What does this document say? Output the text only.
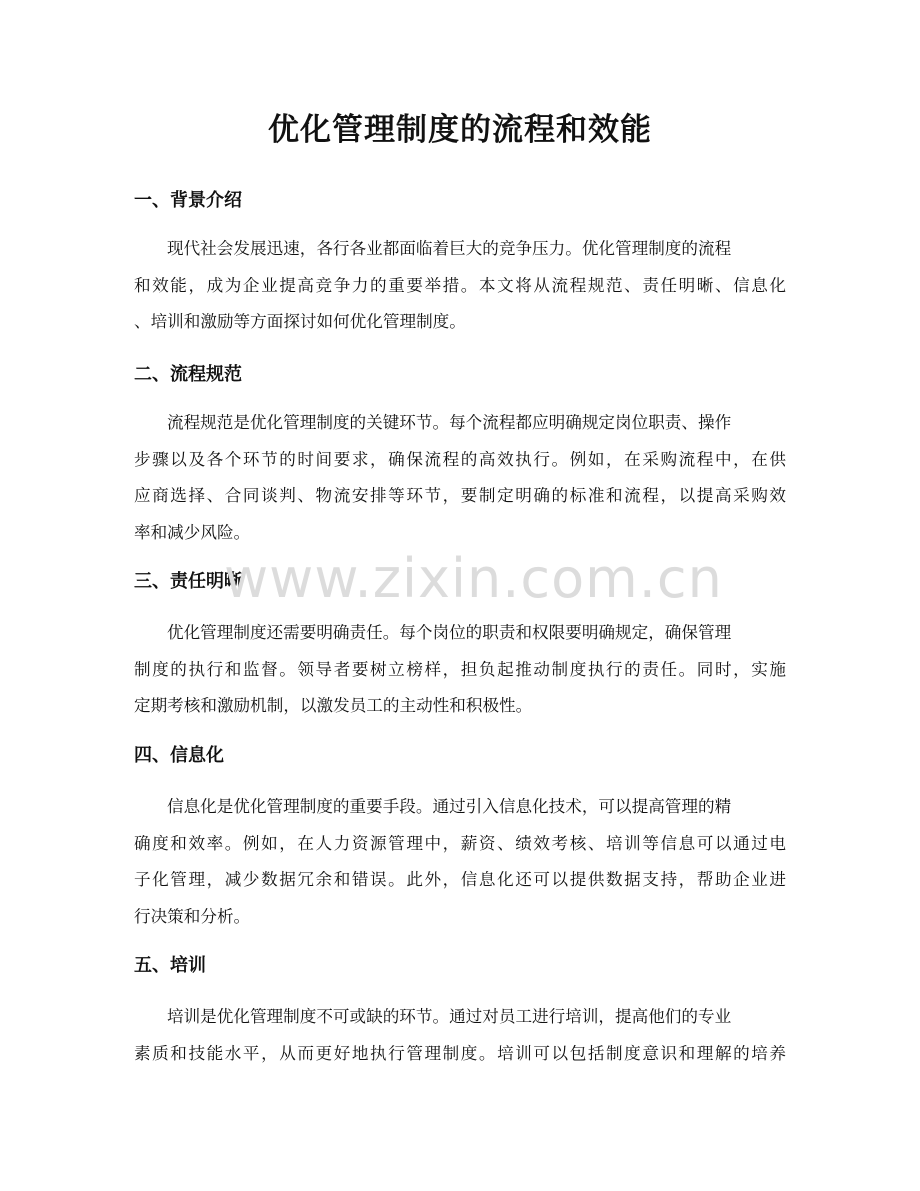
优化管理制度的流程和效能
一、背景介绍
现代社会发展迅速，各行各业都面临着巨大的竞争压力。优化管理制度的流程
和效能，成为企业提高竞争力的重要举措。本文将从流程规范、责任明晰、信息化
、培训和激励等方面探讨如何优化管理制度。
二、流程规范
流程规范是优化管理制度的关键环节。每个流程都应明确规定岗位职责、操作
步骤以及各个环节的时间要求，确保流程的高效执行。例如，在采购流程中，在供
应商选择、合同谈判、物流安排等环节，要制定明确的标准和流程，以提高采购效
率和减少风险。
三、责任明晰
优化管理制度还需要明确责任。每个岗位的职责和权限要明确规定，确保管理
制度的执行和监督。领导者要树立榜样，担负起推动制度执行的责任。同时，实施
定期考核和激励机制，以激发员工的主动性和积极性。
四、信息化
信息化是优化管理制度的重要手段。通过引入信息化技术，可以提高管理的精
确度和效率。例如，在人力资源管理中，薪资、绩效考核、培训等信息可以通过电
子化管理，减少数据冗余和错误。此外，信息化还可以提供数据支持，帮助企业进
行决策和分析。
五、培训
培训是优化管理制度不可或缺的环节。通过对员工进行培训，提高他们的专业
素质和技能水平，从而更好地执行管理制度。培训可以包括制度意识和理解的培养
www.zixin.com.cn
